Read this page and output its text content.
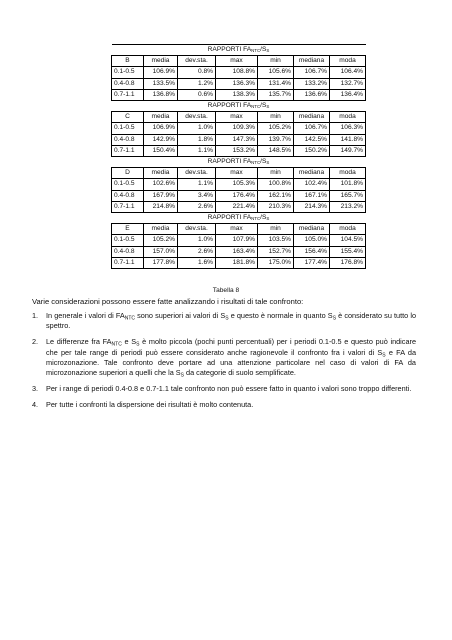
RAPPORTI $FA_{NTC}/S_S$
B	media	dev.sta.	max	min	mediana	moda
0.1-0.5	106.9%	0.8%	108.8%	105.6%	106.7%	106.4%
0.4-0.8	133.5%	1.2%	136.3%	131.4%	133.2%	132.7%
0.7-1.1	136.8%	0.6%	138.3%	135.7%	136.6%	136.4%
RAPPORTI $FA_{NTC}/S_S$
C	media	dev.sta.	max	min	mediana	moda
0.1-0.5	106.9%	1.0%	109.3%	105.2%	106.7%	106.3%
0.4-0.8	142.9%	1.8%	147.3%	139.7%	142.5%	141.8%
0.7-1.1	150.4%	1.1%	153.2%	148.5%	150.2%	149.7%
RAPPORTI $FA_{NTC}/S_S$
D	media	dev.sta.	max	min	mediana	moda
0.1-0.5	102.6%	1.1%	105.3%	100.8%	102.4%	101.8%
0.4-0.8	167.9%	3.4%	176.4%	162.1%	167.1%	165.7%
0.7-1.1	214.8%	2.6%	221.4%	210.3%	214.3%	213.2%
RAPPORTI $FA_{NTC}/S_S$
E	media	dev.sta.	max	min	mediana	moda
0.1-0.5	105.2%	1.0%	107.9%	103.5%	105.0%	104.5%
0.4-0.8	157.0%	2.6%	163.4%	152.7%	156.4%	155.4%
0.7-1.1	177.8%	1.6%	181.8%	175.0%	177.4%	176.8%
Tabella 8
Varie considerazioni possono essere fatte analizzando i risultati di tale confronto:
1. In generale i valori di $FA_{NTC}$ sono superiori ai valori di $S_S$ e questo è normale in quanto $S_S$ è considerato su tutto lo spettro.
2. Le differenze fra $FA_{NTC}$ e $S_S$ è molto piccola (pochi punti percentuali) per i periodi 0.1-0.5 e questo può indicare che per tale range di periodi può essere considerato anche ragionevole il confronto fra i valori di $S_S$ e FA da microzonazione. Tale confronto deve portare ad una attenzione particolare nel caso di valori di FA da microzonazione superiori a quelli che la $S_S$ da categorie di suolo semplificate.
3. Per i range di periodi 0.4-0.8 e 0.7-1.1 tale confronto non può essere fatto in quanto i valori sono troppo differenti.
4. Per tutte i confronti la dispersione dei risultati è molto contenuta.
